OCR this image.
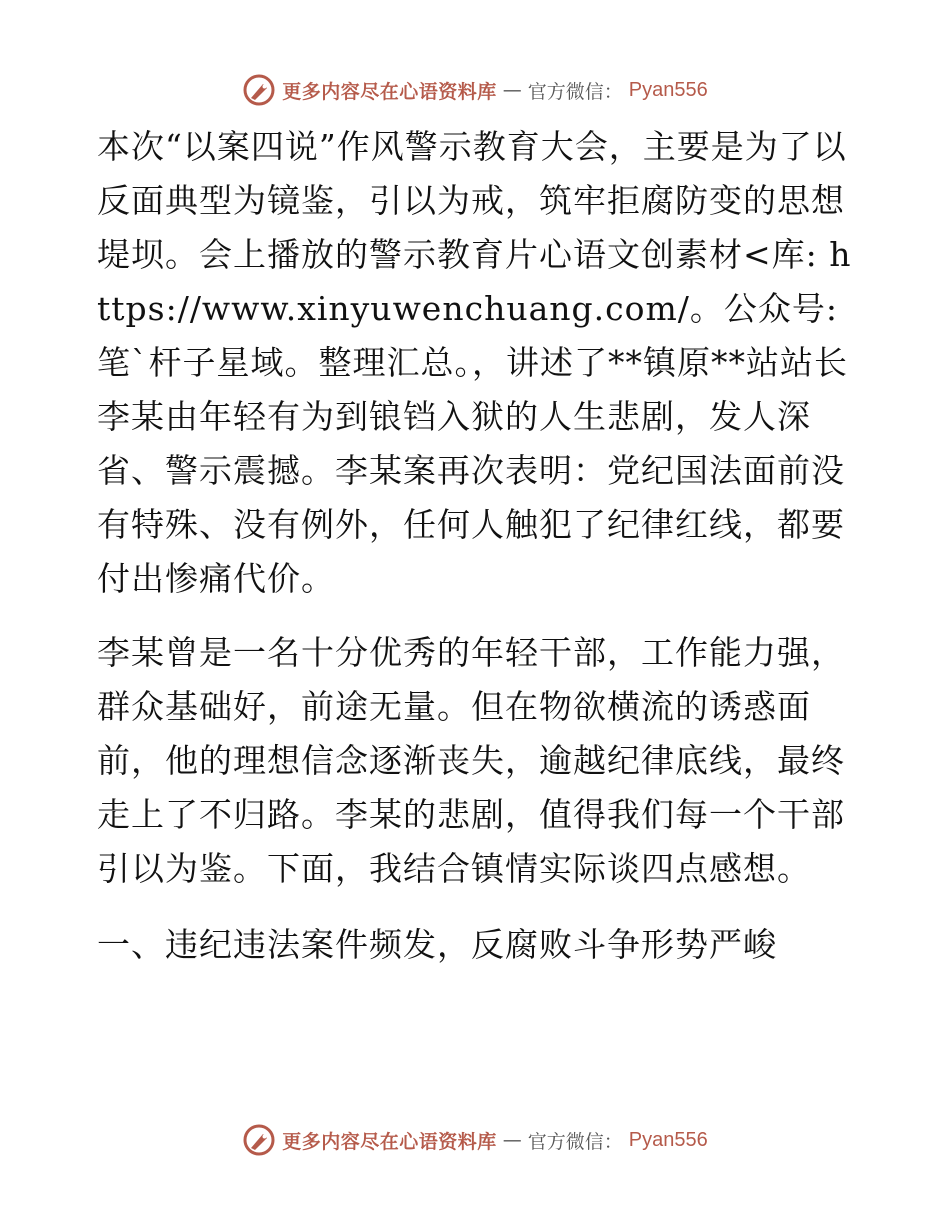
更多内容尽在心语资料库 — 官方微信： Pyan556

本次“以案四说”作风警示教育大会，主要是为了以反面典型为镜鉴，引以为戒，筑牢拒腐防变的思想堤坝。会上播放的警示教育片心语文创素材<库: https://www.xinyuwenchuang.com/。公众号: 笔`杆子星域。整理汇总。，讲述了**镇原**站站长李某由年轻有为到锒铛入狱的人生悲剧，发人深省、警示震撼。李某案再次表明：党纪国法面前没有特殊、没有例外，任何人触犯了纪律红线，都要付出惨痛代价。

李某曾是一名十分优秀的年轻干部，工作能力强，群众基础好，前途无量。但在物欲横流的诱惑面前，他的理想信念逐渐丧失，逾越纪律底线，最终走上了不归路。李某的悲剧，值得我们每一个干部引以为鉴。下面，我结合镇情实际谈四点感想。

一、违纪违法案件频发，反腐败斗争形势严峻

更多内容尽在心语资料库 — 官方微信： Pyan556
